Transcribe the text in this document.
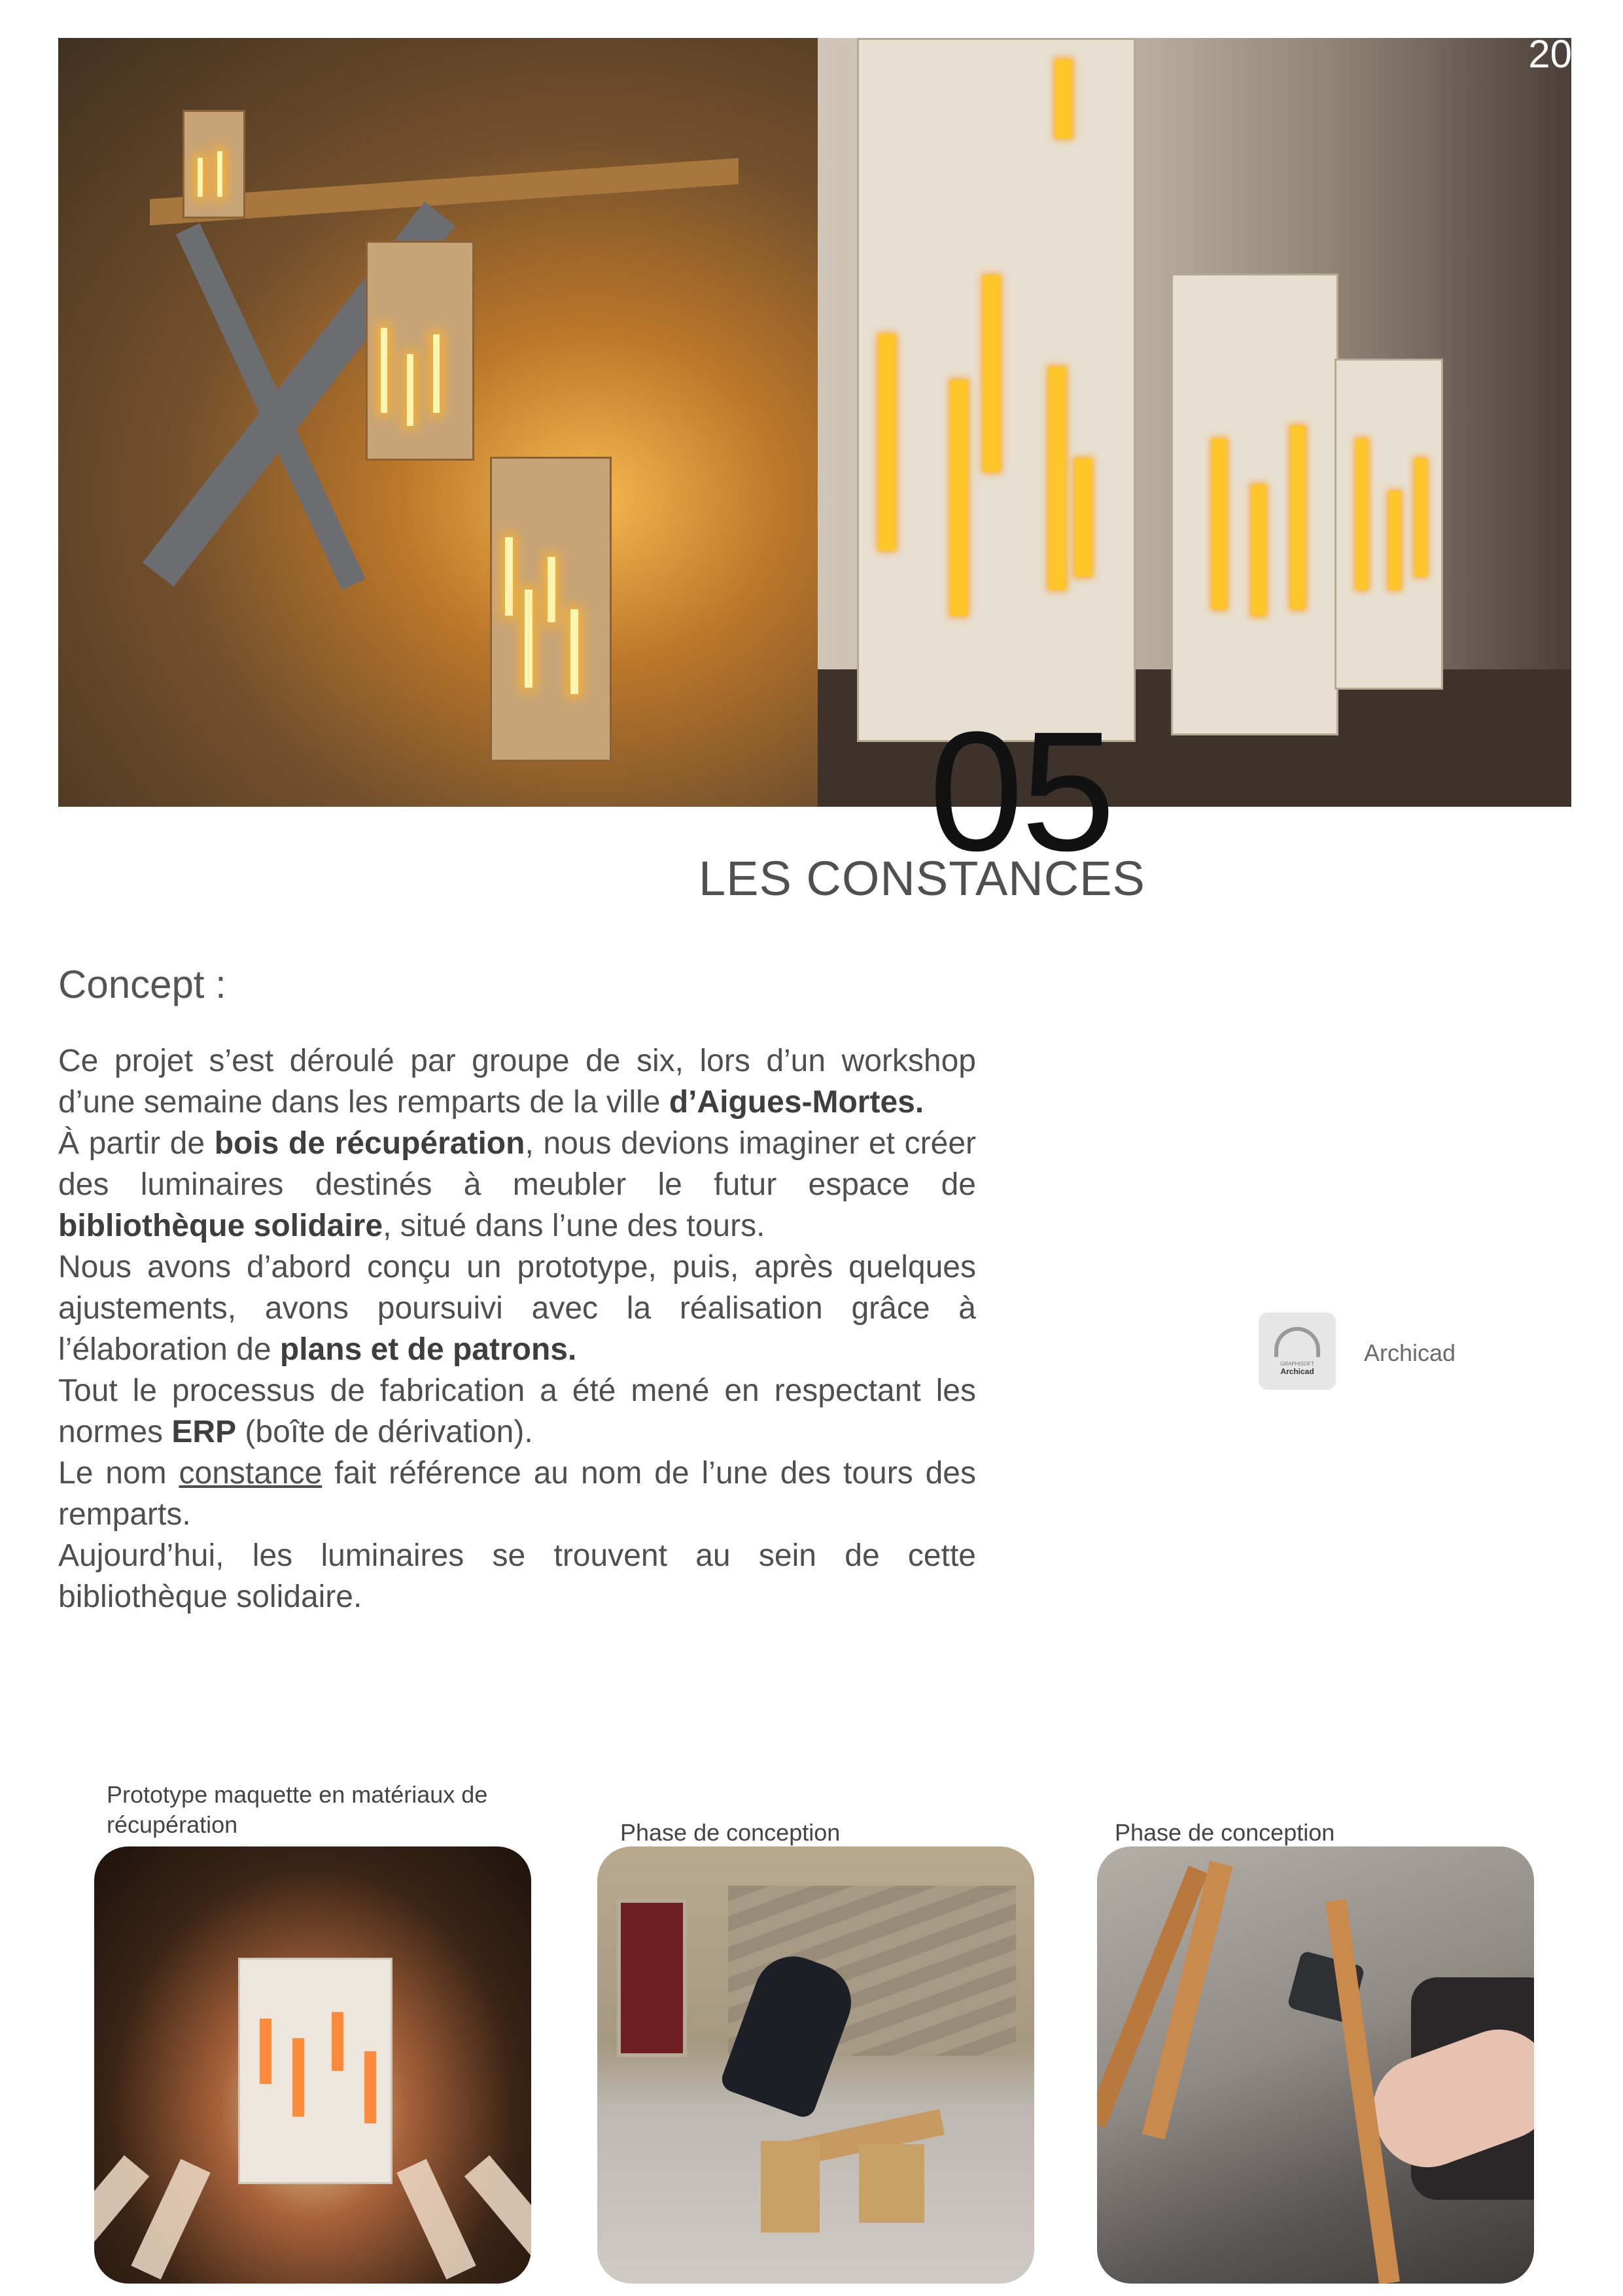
20
05
LES CONSTANCES
Concept :

Ce projet s’est déroulé par groupe de six, lors d’un workshop d’une semaine dans les remparts de la ville d’Aigues-Mortes.

À partir de bois de récupération, nous devions imaginer et créer des luminaires destinés à meubler le futur espace de bibliothèque solidaire, situé dans l’une des tours.

Nous avons d’abord conçu un prototype, puis, après quelques ajustements, avons poursuivi avec la réalisation grâce à l’élaboration de plans et de patrons.

Tout le processus de fabrication a été mené en respectant les normes ERP (boîte de dérivation).

Le nom constance fait référence au nom de l’une des tours des remparts.

Aujourd’hui, les luminaires se trouvent au sein de cette bibliothèque solidaire.

GRAPHISOFT
Archicad
Archicad
Prototype maquette en matériaux de récupération	Phase de conception	Phase de conception
